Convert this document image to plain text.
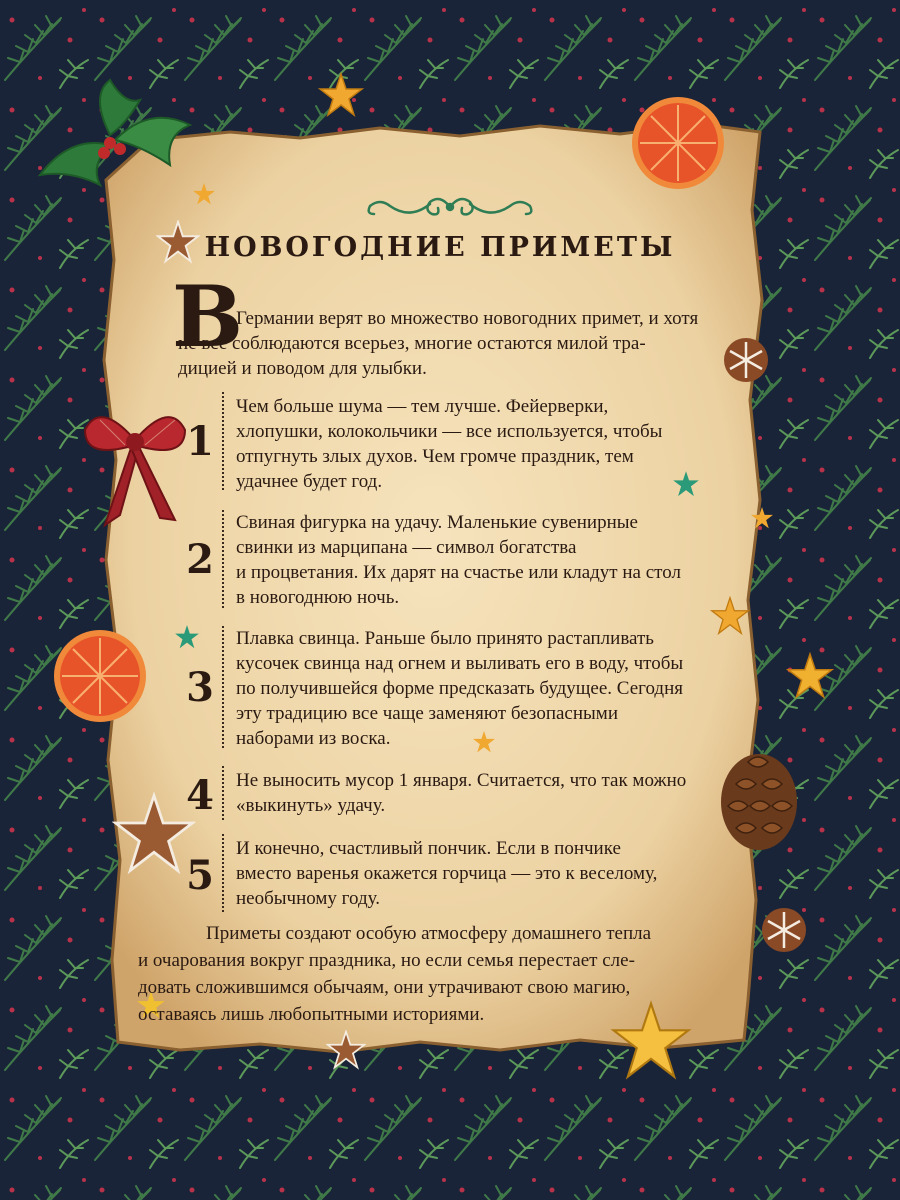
НОВОГОДНИЕ ПРИМЕТЫ
В

Германии верят во множество новогодних примет, и хотя
не все соблюдаются всерьез, многие остаются милой тра-
дицией и поводом для улыбки.

1

Чем больше шума — тем лучше. Фейерверки,
хлопушки, колокольчики — все используется, чтобы
отпугнуть злых духов. Чем громче праздник, тем
удачнее будет год.

2

Свиная фигурка на удачу. Маленькие сувенирные
свинки из марципана — символ богатства
и процветания. Их дарят на счастье или кладут на стол
в новогоднюю ночь.

3

Плавка свинца. Раньше было принято растапливать
кусочек свинца над огнем и выливать его в воду, чтобы
по получившейся форме предсказать будущее. Сегодня
эту традицию все чаще заменяют безопасными
наборами из воска.

4	Не выносить мусор 1 января. Считается, что так можно
«выкинуть» удачу.

5

И конечно, счастливый пончик. Если в пончике
вместо варенья окажется горчица — это к веселому,
необычному году.

Приметы создают особую атмосферу домашнего тепла
и очарования вокруг праздника, но если семья перестает сле-
довать сложившимся обычаям, они утрачивают свою магию,
оставаясь лишь любопытными историями.
